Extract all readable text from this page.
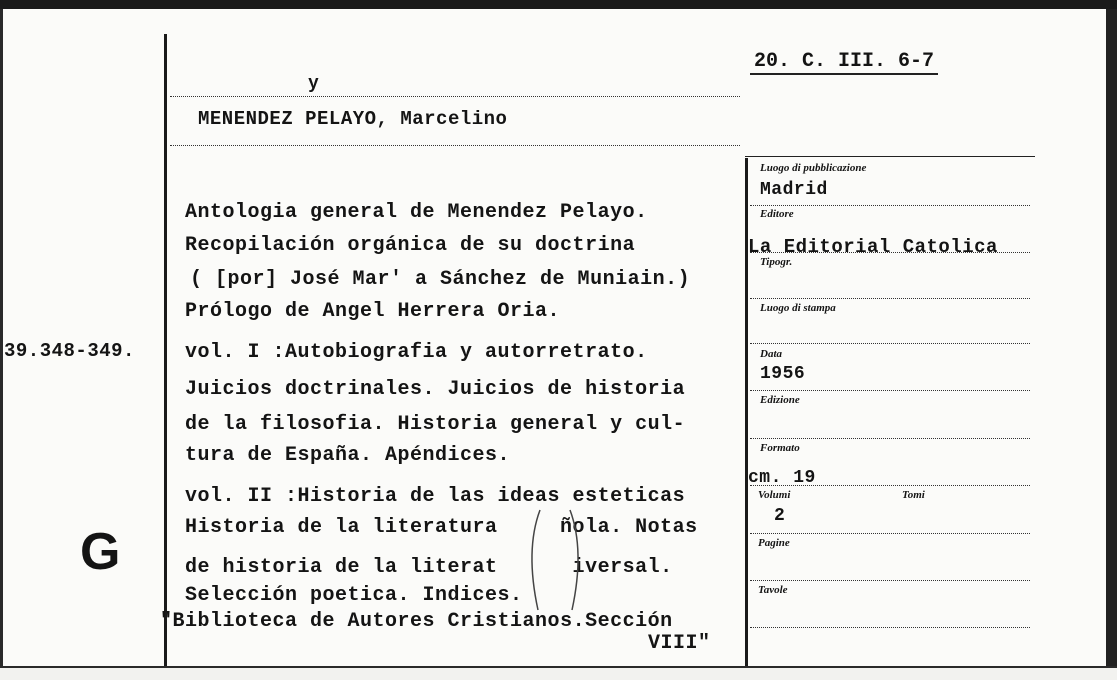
20. C. III. 6-7
y
MENENDEZ PELAYO, Marcelino
39.348-349.
G
Antologia general de Menendez Pelayo.
Recopilación orgánica de su doctrina
( [por] José Mar' a Sánchez de Muniain.)
Prólogo de Angel Herrera Oria.
vol. I :Autobiografia y autorretrato.
Juicios doctrinales. Juicios de historia
de la filosofia. Historia general y cul-
tura de España. Apéndices.
vol. II :Historia de las ideas esteticas
Historia de la literatura     ñola. Notas
de historia de la literat      iversal.
Selección poetica. Indices.
"Biblioteca de Autores Cristianos.Sección
VIII"
Luogo di pubblicazione
Madrid
Editore
La Editorial Catolica
Tipogr.
Luogo di stampa
Data
1956
Edizione
Formato
cm. 19
Volumi	Tomi
2
Pagine
Tavole
